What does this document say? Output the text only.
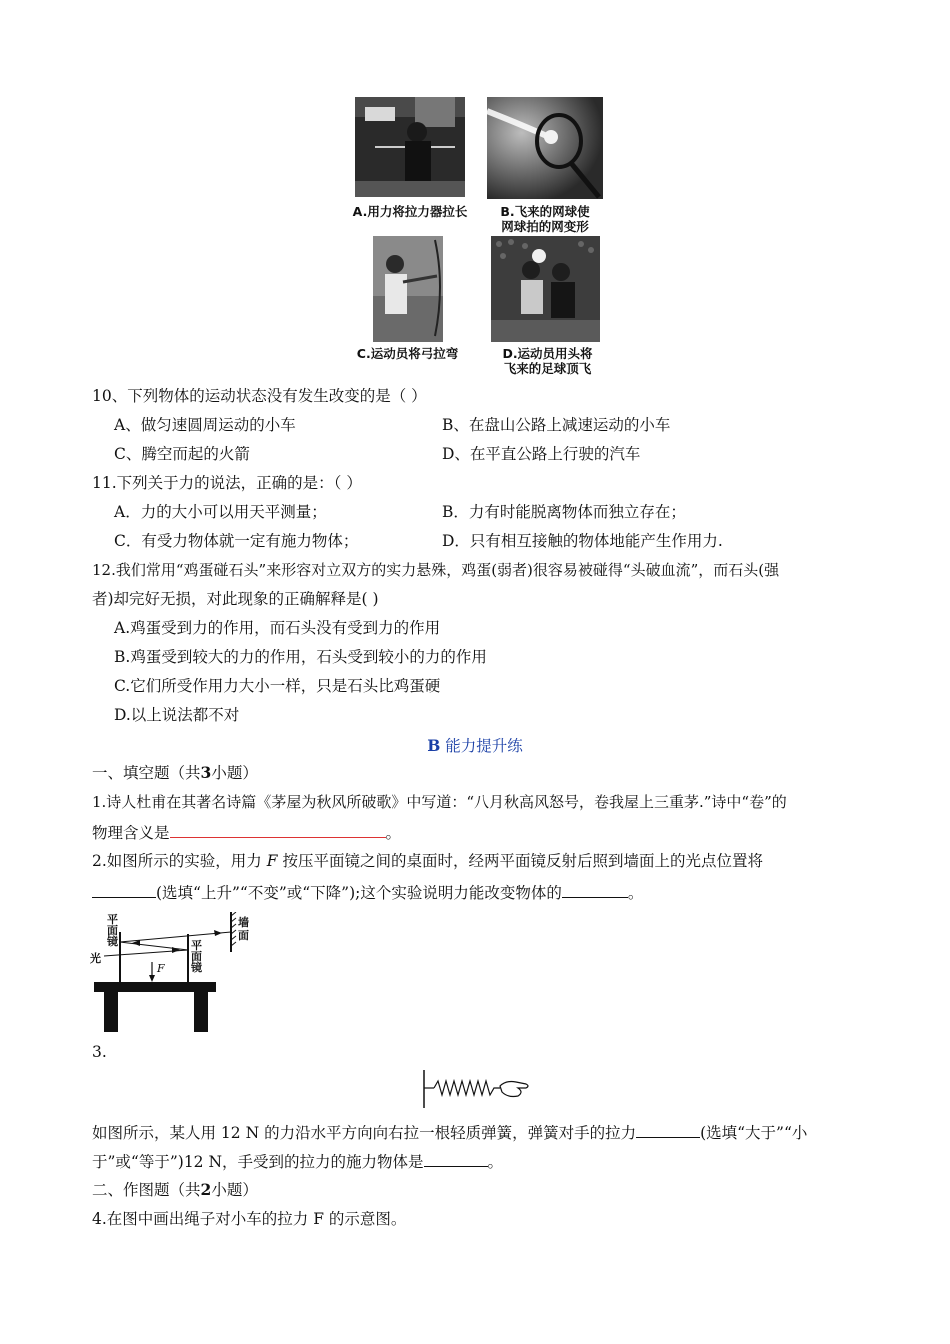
A.用力将拉力器拉长	B.飞来的网球使
网球拍的网变形
C.运动员将弓拉弯	D.运动员用头将
飞来的足球顶飞
10、下列物体的运动状态没有发生改变的是（ ）
A、做匀速圆周运动的小车	B、在盘山公路上减速运动的小车
C、腾空而起的火箭	D、在平直公路上行驶的汽车
11.下列关于力的说法，正确的是：（ ）
A．力的大小可以用天平测量；	B．力有时能脱离物体而独立存在；
C．有受力物体就一定有施力物体；	D．只有相互接触的物体地能产生作用力.
12.我们常用“鸡蛋碰石头”来形容对立双方的实力悬殊，鸡蛋(弱者)很容易被碰得“头破血流”，而石头(强
者)却完好无损，对此现象的正确解释是( )
A.鸡蛋受到力的作用，而石头没有受到力的作用
B.鸡蛋受到较大的力的作用，石头受到较小的力的作用
C.它们所受作用力大小一样，只是石头比鸡蛋硬
D.以上说法都不对
B 能力提升练
一、填空题（共3小题）
1.诗人杜甫在其著名诗篇《茅屋为秋风所破歌》中写道：“八月秋高风怒号，卷我屋上三重茅.”诗中“卷”的
物理含义是	。
2.如图所示的实验，用力 F 按压平面镜之间的桌面时，经两平面镜反射后照到墙面上的光点位置将
(选填“上升”“不变”或“下降”);这个实验说明力能改变物体的	。
平
面
镜	平
面
镜
墙
面
光
F
3.
如图所示，某人用 12 N 的力沿水平方向向右拉一根轻质弹簧，弹簧对手的拉力	(选填“大于”“小
于”或“等于”)12 N，手受到的拉力的施力物体是	。
二、作图题（共2小题）
4.在图中画出绳子对小车的拉力 F 的示意图。
